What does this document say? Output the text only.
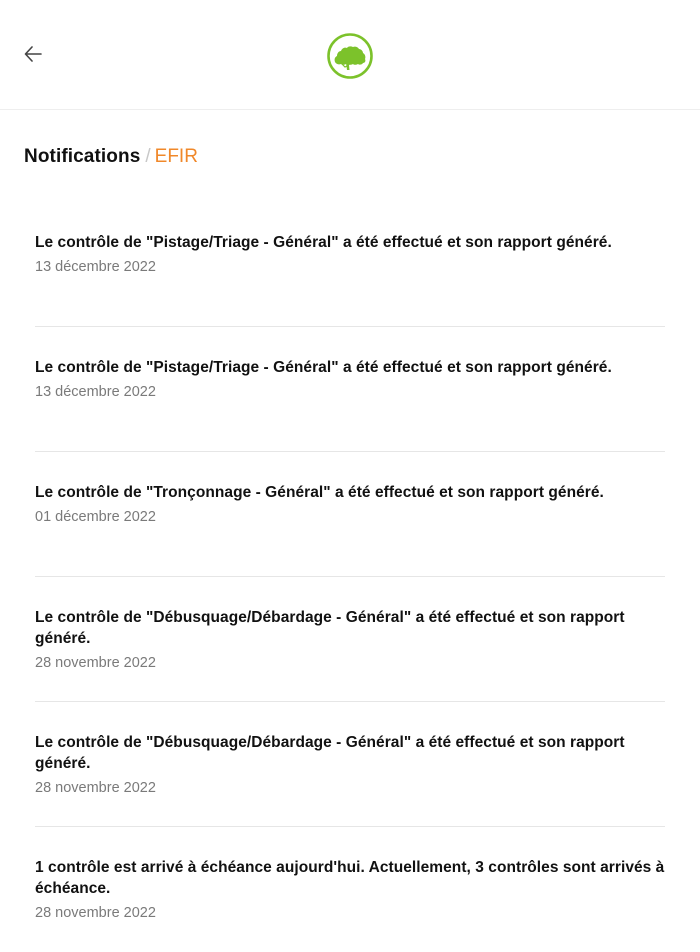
Notifications / EFIR
Le contrôle de "Pistage/Triage - Général" a été effectué et son rapport généré.
13 décembre 2022
Le contrôle de "Pistage/Triage - Général" a été effectué et son rapport généré.
13 décembre 2022
Le contrôle de "Tronçonnage - Général" a été effectué et son rapport généré.
01 décembre 2022
Le contrôle de "Débusquage/Débardage - Général" a été effectué et son rapport généré.
28 novembre 2022
Le contrôle de "Débusquage/Débardage - Général" a été effectué et son rapport généré.
28 novembre 2022
1 contrôle est arrivé à échéance aujourd'hui. Actuellement, 3 contrôles sont arrivés à échéance.
28 novembre 2022
